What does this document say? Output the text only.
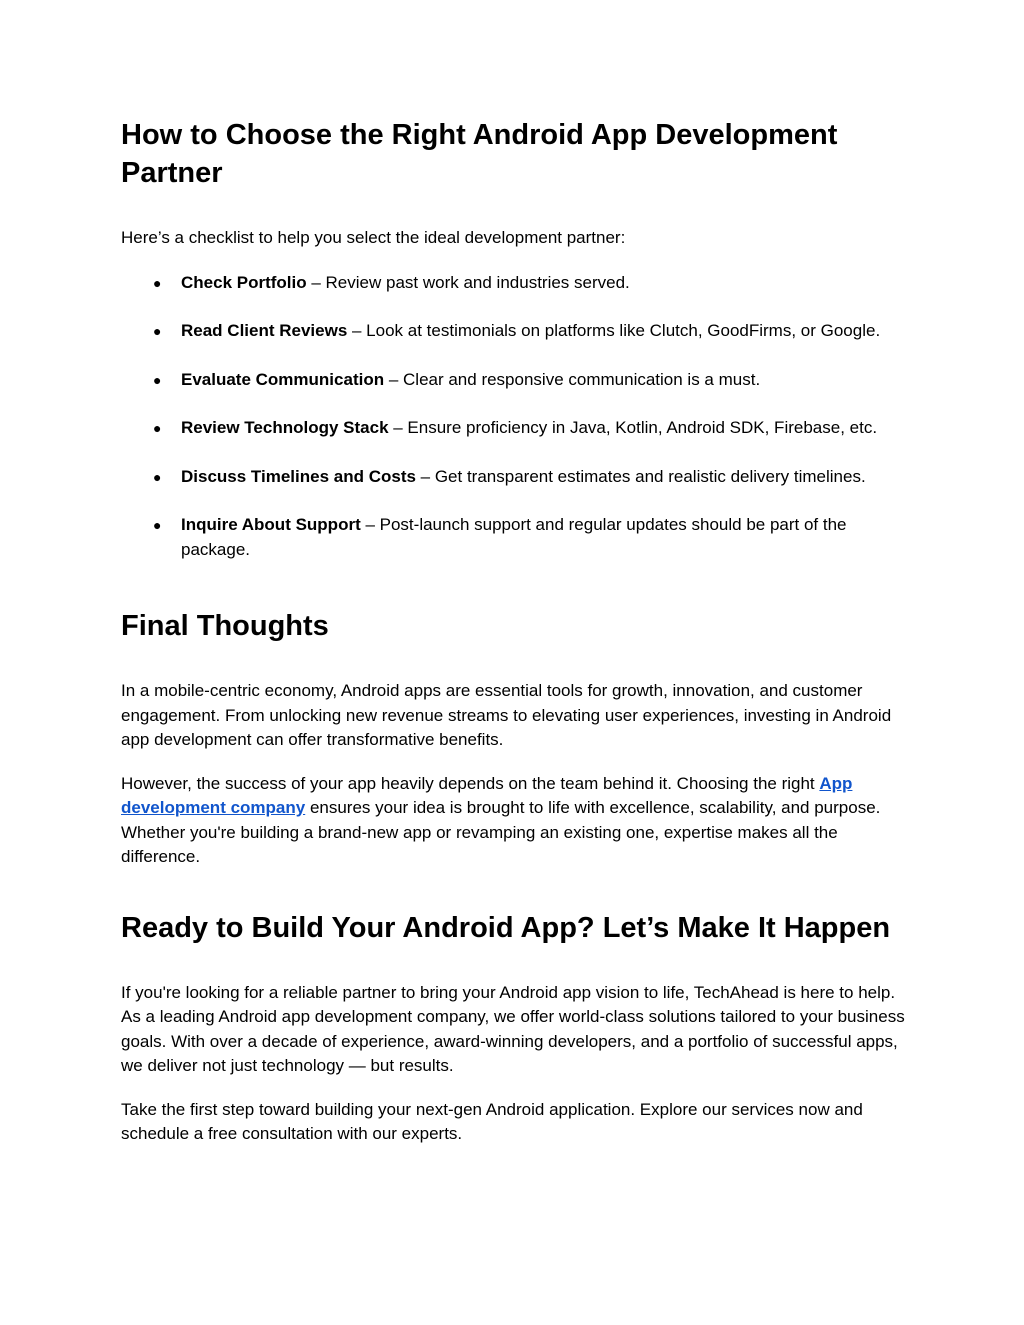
How to Choose the Right Android App Development Partner

Here’s a checklist to help you select the ideal development partner:

● Check Portfolio – Review past work and industries served.
● Read Client Reviews – Look at testimonials on platforms like Clutch, GoodFirms, or Google.
● Evaluate Communication – Clear and responsive communication is a must.
● Review Technology Stack – Ensure proficiency in Java, Kotlin, Android SDK, Firebase, etc.
● Discuss Timelines and Costs – Get transparent estimates and realistic delivery timelines.
● Inquire About Support – Post-launch support and regular updates should be part of the package.
Final Thoughts

In a mobile-centric economy, Android apps are essential tools for growth, innovation, and customer engagement. From unlocking new revenue streams to elevating user experiences, investing in Android app development can offer transformative benefits.

However, the success of your app heavily depends on the team behind it. Choosing the right App development company ensures your idea is brought to life with excellence, scalability, and purpose. Whether you're building a brand-new app or revamping an existing one, expertise makes all the difference.

Ready to Build Your Android App? Let’s Make It Happen

If you're looking for a reliable partner to bring your Android app vision to life, TechAhead is here to help. As a leading Android app development company, we offer world-class solutions tailored to your business goals. With over a decade of experience, award-winning developers, and a portfolio of successful apps, we deliver not just technology — but results.

Take the first step toward building your next-gen Android application. Explore our services now and schedule a free consultation with our experts.
